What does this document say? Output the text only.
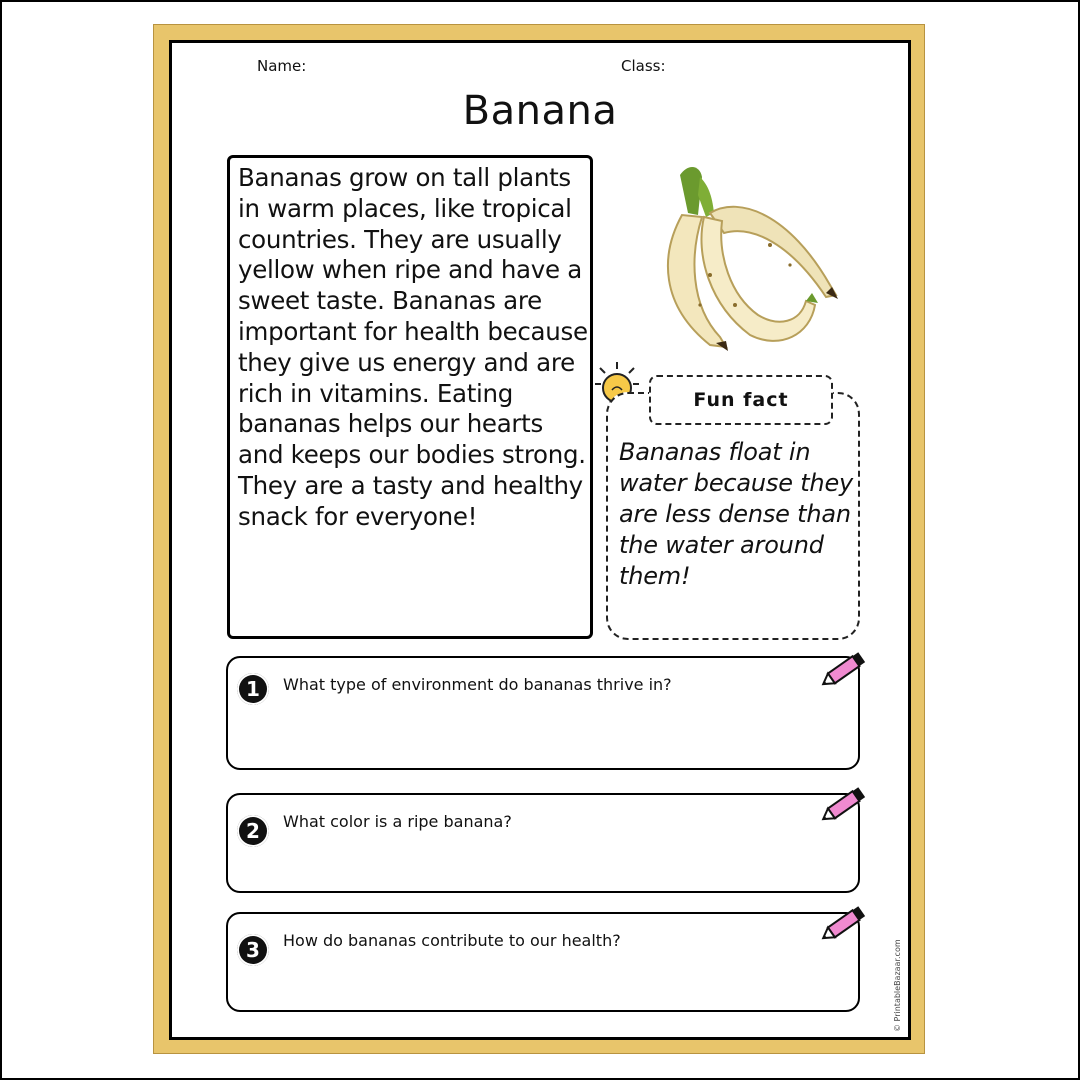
Name:	Class:
Banana
Bananas grow on tall plants in warm places, like tropical countries. They are usually yellow when ripe and have a sweet taste. Bananas are important for health because they give us energy and are rich in vitamins. Eating bananas helps our hearts and keeps our bodies strong. They are a tasty and healthy snack for everyone!
Fun fact
Bananas float in water because they are less dense than the water around them!
1	What type of environment do bananas thrive in?
2	What color is a ripe banana?
3	How do bananas contribute to our health?	© PrintableBazaar.com
